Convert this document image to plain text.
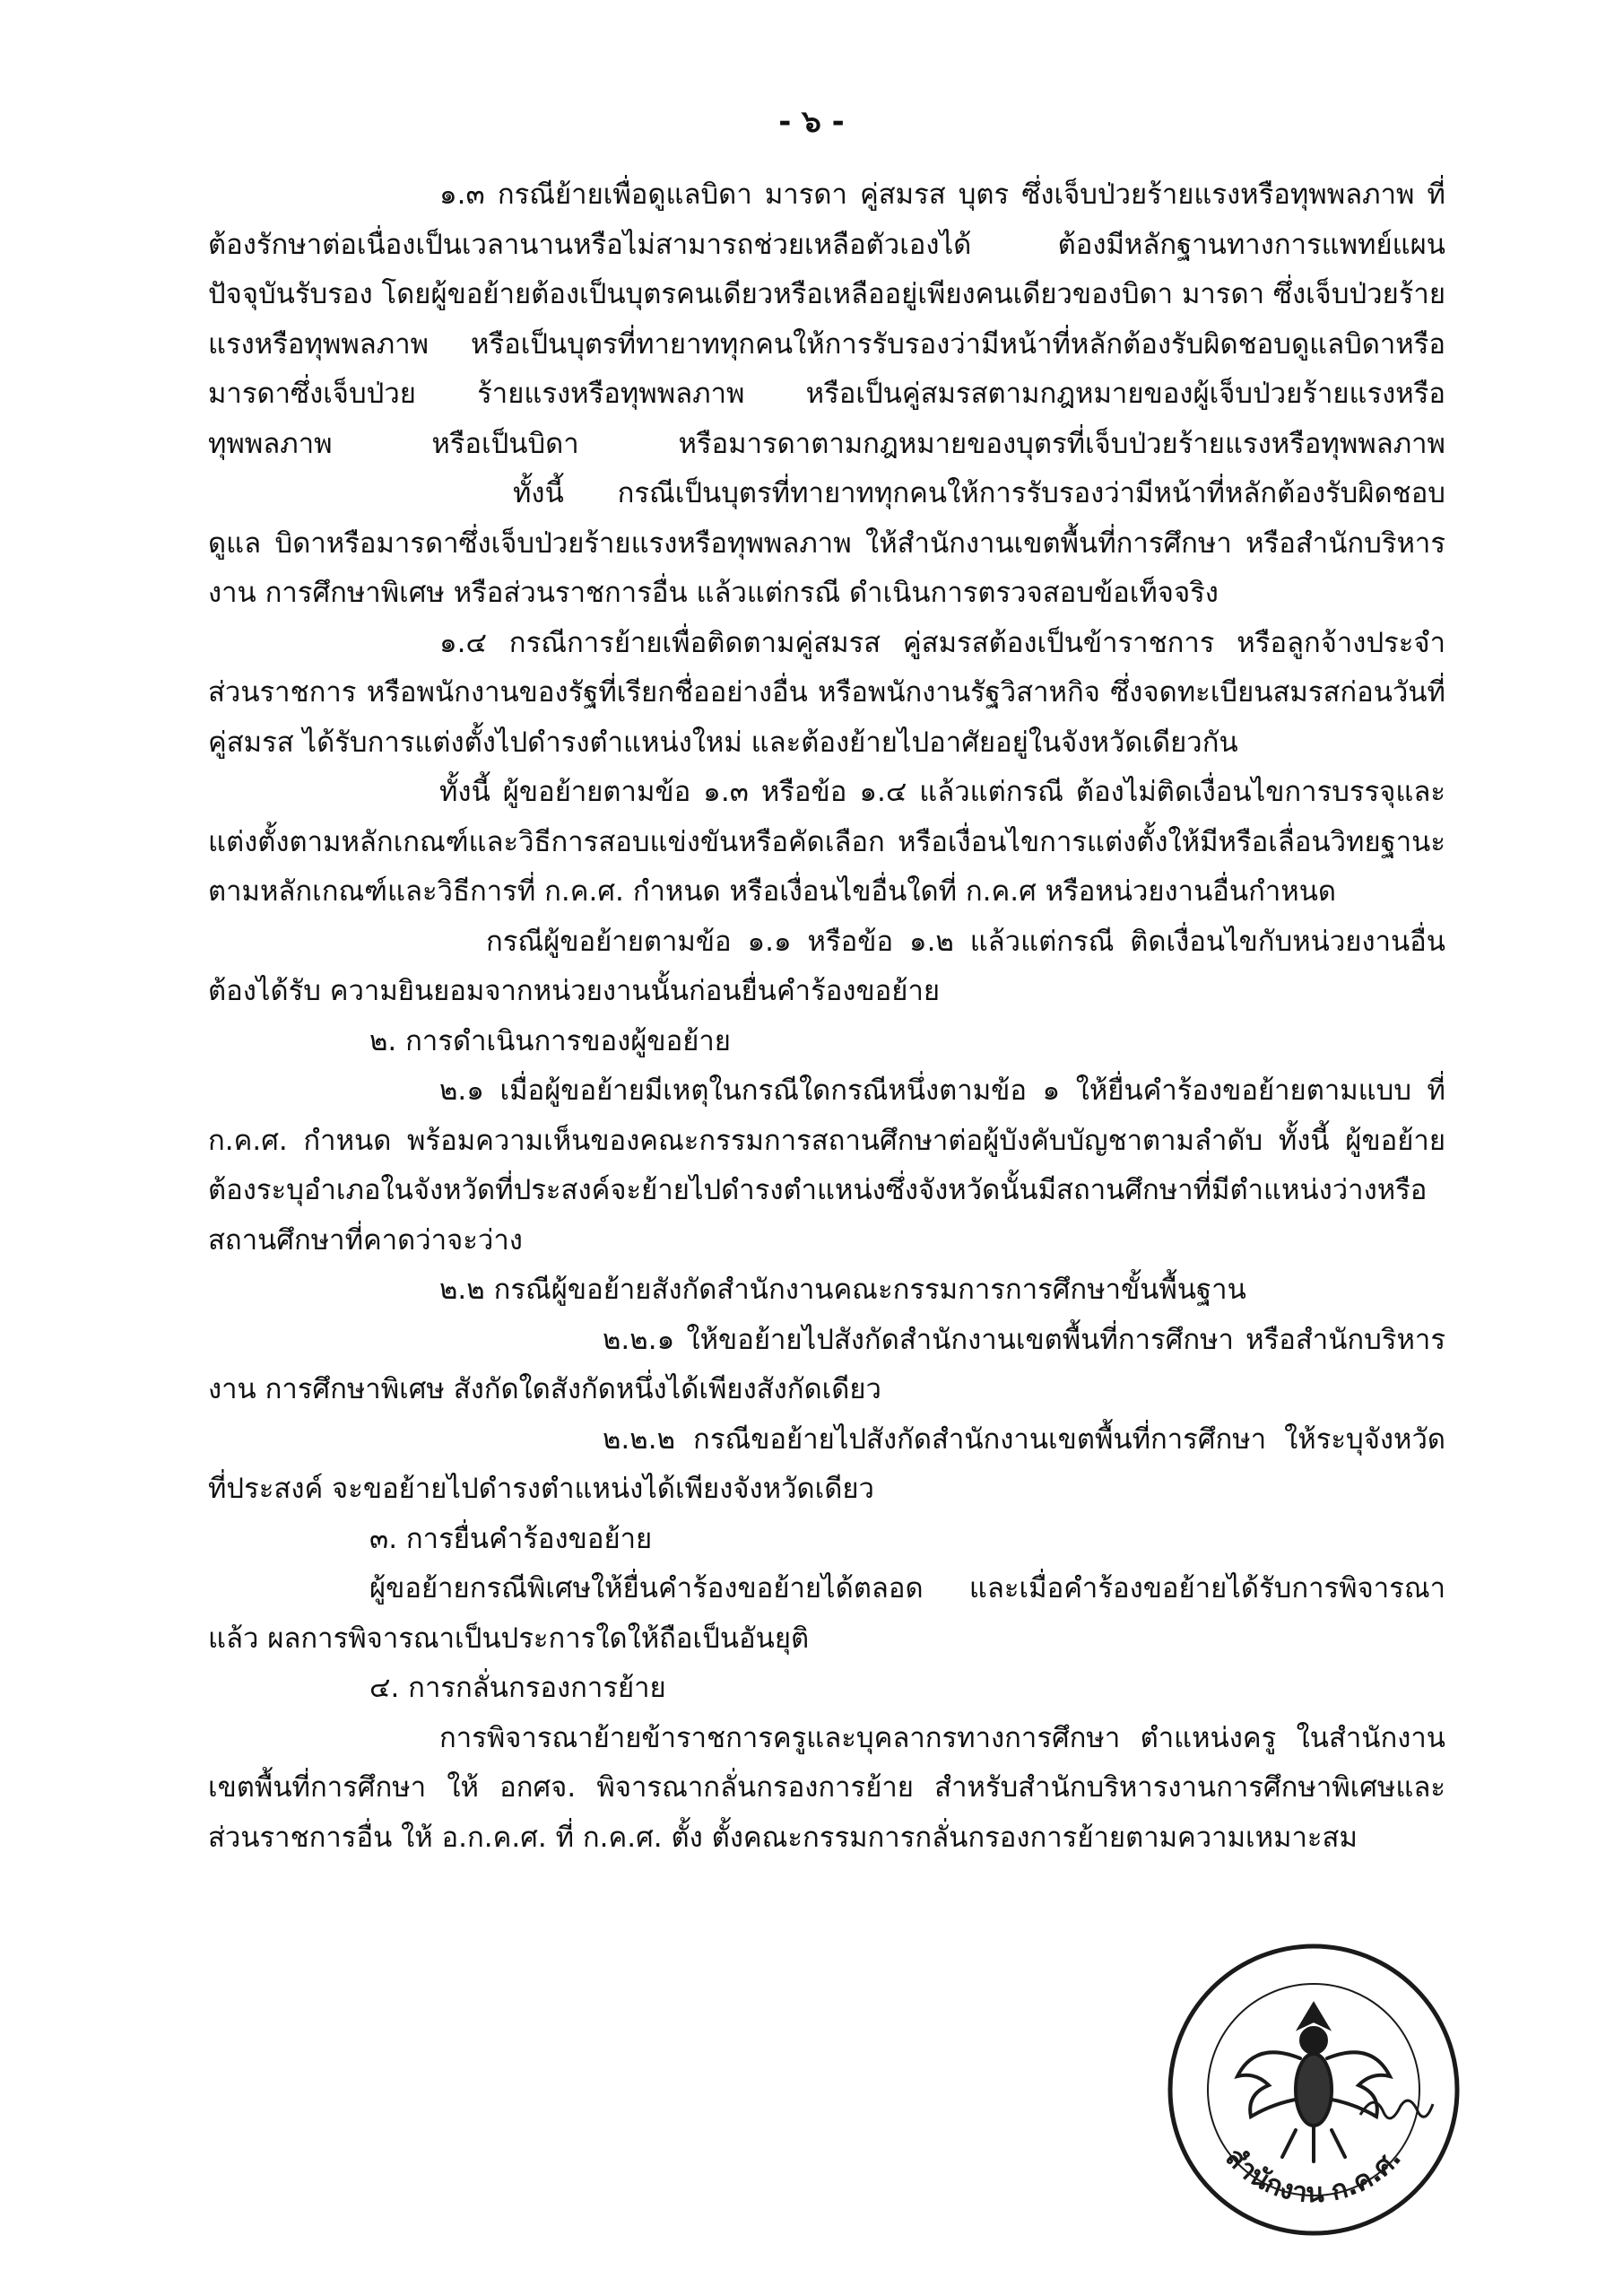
- ๖ -

๑.๓ กรณีย้ายเพื่อดูแลบิดา มารดา คู่สมรส บุตร ซึ่งเจ็บป่วยร้ายแรงหรือทุพพลภาพ ที่ต้องรักษาต่อเนื่องเป็นเวลานานหรือไม่สามารถช่วยเหลือตัวเองได้ ต้องมีหลักฐานทางการแพทย์แผนปัจจุบันรับรอง โดยผู้ขอย้ายต้องเป็นบุตรคนเดียวหรือเหลืออยู่เพียงคนเดียวของบิดา มารดา ซึ่งเจ็บป่วยร้ายแรงหรือทุพพลภาพ หรือเป็นบุตรที่ทายาททุกคนให้การรับรองว่ามีหน้าที่หลักต้องรับผิดชอบดูแลบิดาหรือมารดาซึ่งเจ็บป่วย ร้ายแรงหรือทุพพลภาพ หรือเป็นคู่สมรสตามกฎหมายของผู้เจ็บป่วยร้ายแรงหรือทุพพลภาพ หรือเป็นบิดา หรือมารดาตามกฎหมายของบุตรที่เจ็บป่วยร้ายแรงหรือทุพพลภาพ

ทั้งนี้ กรณีเป็นบุตรที่ทายาททุกคนให้การรับรองว่ามีหน้าที่หลักต้องรับผิดชอบดูแล บิดาหรือมารดาซึ่งเจ็บป่วยร้ายแรงหรือทุพพลภาพ ให้สำนักงานเขตพื้นที่การศึกษา หรือสำนักบริหารงาน การศึกษาพิเศษ หรือส่วนราชการอื่น แล้วแต่กรณี ดำเนินการตรวจสอบข้อเท็จจริง

๑.๔ กรณีการย้ายเพื่อติดตามคู่สมรส คู่สมรสต้องเป็นข้าราชการ หรือลูกจ้างประจำส่วนราชการ หรือพนักงานของรัฐที่เรียกชื่ออย่างอื่น หรือพนักงานรัฐวิสาหกิจ ซึ่งจดทะเบียนสมรสก่อนวันที่คู่สมรส ได้รับการแต่งตั้งไปดำรงตำแหน่งใหม่ และต้องย้ายไปอาศัยอยู่ในจังหวัดเดียวกัน

ทั้งนี้ ผู้ขอย้ายตามข้อ ๑.๓ หรือข้อ ๑.๔ แล้วแต่กรณี ต้องไม่ติดเงื่อนไขการบรรจุและ แต่งตั้งตามหลักเกณฑ์และวิธีการสอบแข่งขันหรือคัดเลือก หรือเงื่อนไขการแต่งตั้งให้มีหรือเลื่อนวิทยฐานะ ตามหลักเกณฑ์และวิธีการที่ ก.ค.ศ. กำหนด หรือเงื่อนไขอื่นใดที่ ก.ค.ศ หรือหน่วยงานอื่นกำหนด

กรณีผู้ขอย้ายตามข้อ ๑.๑ หรือข้อ ๑.๒ แล้วแต่กรณี ติดเงื่อนไขกับหน่วยงานอื่นต้องได้รับ ความยินยอมจากหน่วยงานนั้นก่อนยื่นคำร้องขอย้าย

๒. การดำเนินการของผู้ขอย้าย

๒.๑ เมื่อผู้ขอย้ายมีเหตุในกรณีใดกรณีหนึ่งตามข้อ ๑ ให้ยื่นคำร้องขอย้ายตามแบบ ที่ ก.ค.ศ. กำหนด พร้อมความเห็นของคณะกรรมการสถานศึกษาต่อผู้บังคับบัญชาตามลำดับ ทั้งนี้ ผู้ขอย้าย ต้องระบุอำเภอในจังหวัดที่ประสงค์จะย้ายไปดำรงตำแหน่งซึ่งจังหวัดนั้นมีสถานศึกษาที่มีตำแหน่งว่างหรือ สถานศึกษาที่คาดว่าจะว่าง

๒.๒ กรณีผู้ขอย้ายสังกัดสำนักงานคณะกรรมการการศึกษาขั้นพื้นฐาน

๒.๒.๑ ให้ขอย้ายไปสังกัดสำนักงานเขตพื้นที่การศึกษา หรือสำนักบริหารงาน การศึกษาพิเศษ สังกัดใดสังกัดหนึ่งได้เพียงสังกัดเดียว

๒.๒.๒ กรณีขอย้ายไปสังกัดสำนักงานเขตพื้นที่การศึกษา ให้ระบุจังหวัดที่ประสงค์ จะขอย้ายไปดำรงตำแหน่งได้เพียงจังหวัดเดียว

๓. การยื่นคำร้องขอย้าย

ผู้ขอย้ายกรณีพิเศษให้ยื่นคำร้องขอย้ายได้ตลอด และเมื่อคำร้องขอย้ายได้รับการพิจารณาแล้ว ผลการพิจารณาเป็นประการใดให้ถือเป็นอันยุติ

๔. การกลั่นกรองการย้าย

การพิจารณาย้ายข้าราชการครูและบุคลากรทางการศึกษา ตำแหน่งครู ในสำนักงาน เขตพื้นที่การศึกษา ให้ อกศจ. พิจารณากลั่นกรองการย้าย สำหรับสำนักบริหารงานการศึกษาพิเศษและ ส่วนราชการอื่น ให้ อ.ก.ค.ศ. ที่ ก.ค.ศ. ตั้ง ตั้งคณะกรรมการกลั่นกรองการย้ายตามความเหมาะสม

สำนักงาน ก.ค.ศ.
